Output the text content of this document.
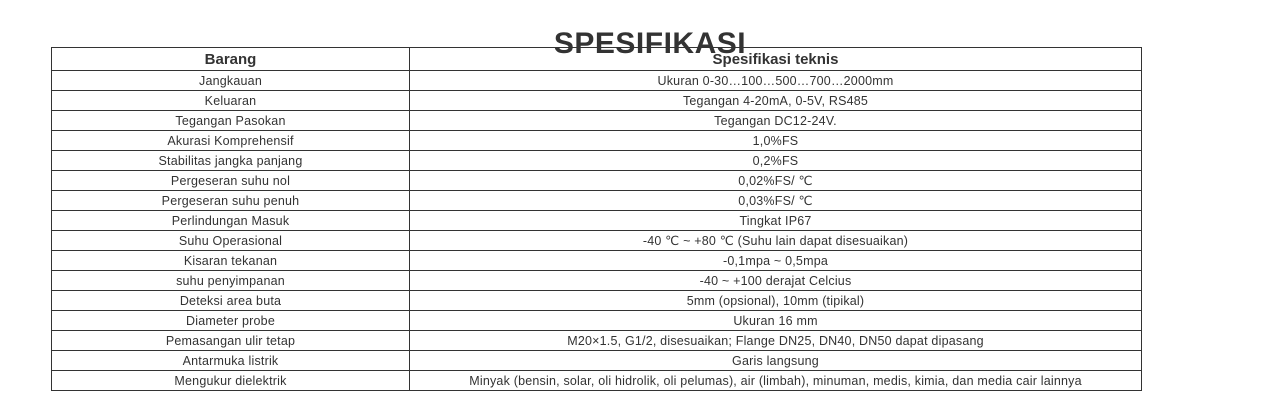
SPESIFIKASI
Barang	Spesifikasi teknis
Jangkauan	Ukuran 0-30…100…500…700…2000mm
Keluaran	Tegangan 4-20mA, 0-5V, RS485
Tegangan Pasokan	Tegangan DC12-24V.
Akurasi Komprehensif	1,0%FS
Stabilitas jangka panjang	0,2%FS
Pergeseran suhu nol	0,02%FS/ ℃
Pergeseran suhu penuh	0,03%FS/ ℃
Perlindungan Masuk	Tingkat IP67
Suhu Operasional	-40 ℃ ~ +80 ℃ (Suhu lain dapat disesuaikan)
Kisaran tekanan	-0,1mpa ~ 0,5mpa
suhu penyimpanan	-40 ~ +100 derajat Celcius
Deteksi area buta	5mm (opsional), 10mm (tipikal)
Diameter probe	Ukuran 16 mm
Pemasangan ulir tetap	M20×1.5, G1/2, disesuaikan; Flange DN25, DN40, DN50 dapat dipasang
Antarmuka listrik	Garis langsung
Mengukur dielektrik	Minyak (bensin, solar, oli hidrolik, oli pelumas), air (limbah), minuman, medis, kimia, dan media cair lainnya
